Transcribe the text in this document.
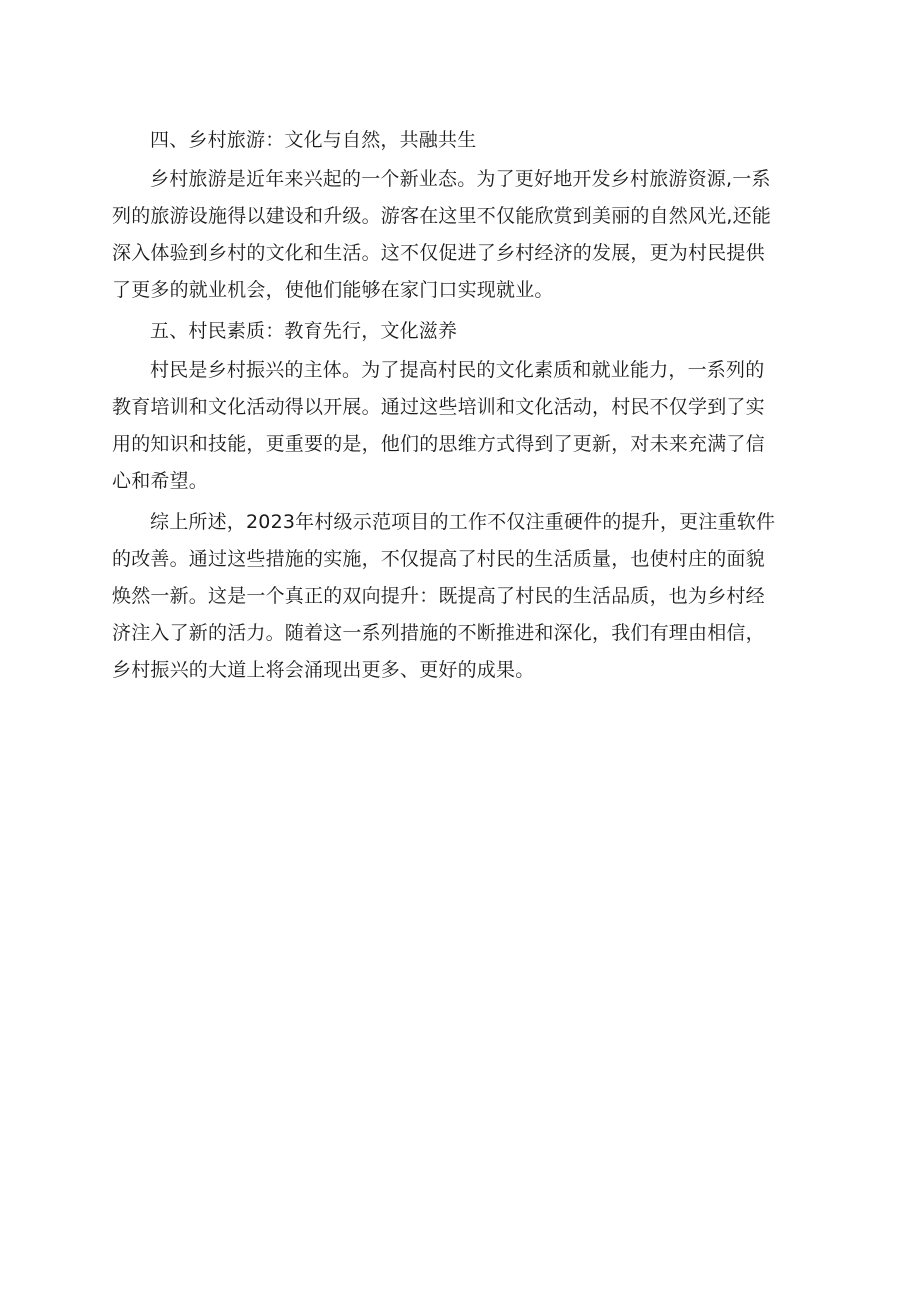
四、乡村旅游：文化与自然，共融共生

乡村旅游是近年来兴起的一个新业态。为了更好地开发乡村旅游资源,一系

列的旅游设施得以建设和升级。游客在这里不仅能欣赏到美丽的自然风光,还能

深入体验到乡村的文化和生活。这不仅促进了乡村经济的发展，更为村民提供

了更多的就业机会，使他们能够在家门口实现就业。

五、村民素质：教育先行，文化滋养

村民是乡村振兴的主体。为了提高村民的文化素质和就业能力，一系列的

教育培训和文化活动得以开展。通过这些培训和文化活动，村民不仅学到了实

用的知识和技能，更重要的是，他们的思维方式得到了更新，对未来充满了信

心和希望。

综上所述，2023年村级示范项目的工作不仅注重硬件的提升，更注重软件

的改善。通过这些措施的实施，不仅提高了村民的生活质量，也使村庄的面貌

焕然一新。这是一个真正的双向提升：既提高了村民的生活品质，也为乡村经

济注入了新的活力。随着这一系列措施的不断推进和深化，我们有理由相信，

乡村振兴的大道上将会涌现出更多、更好的成果。
